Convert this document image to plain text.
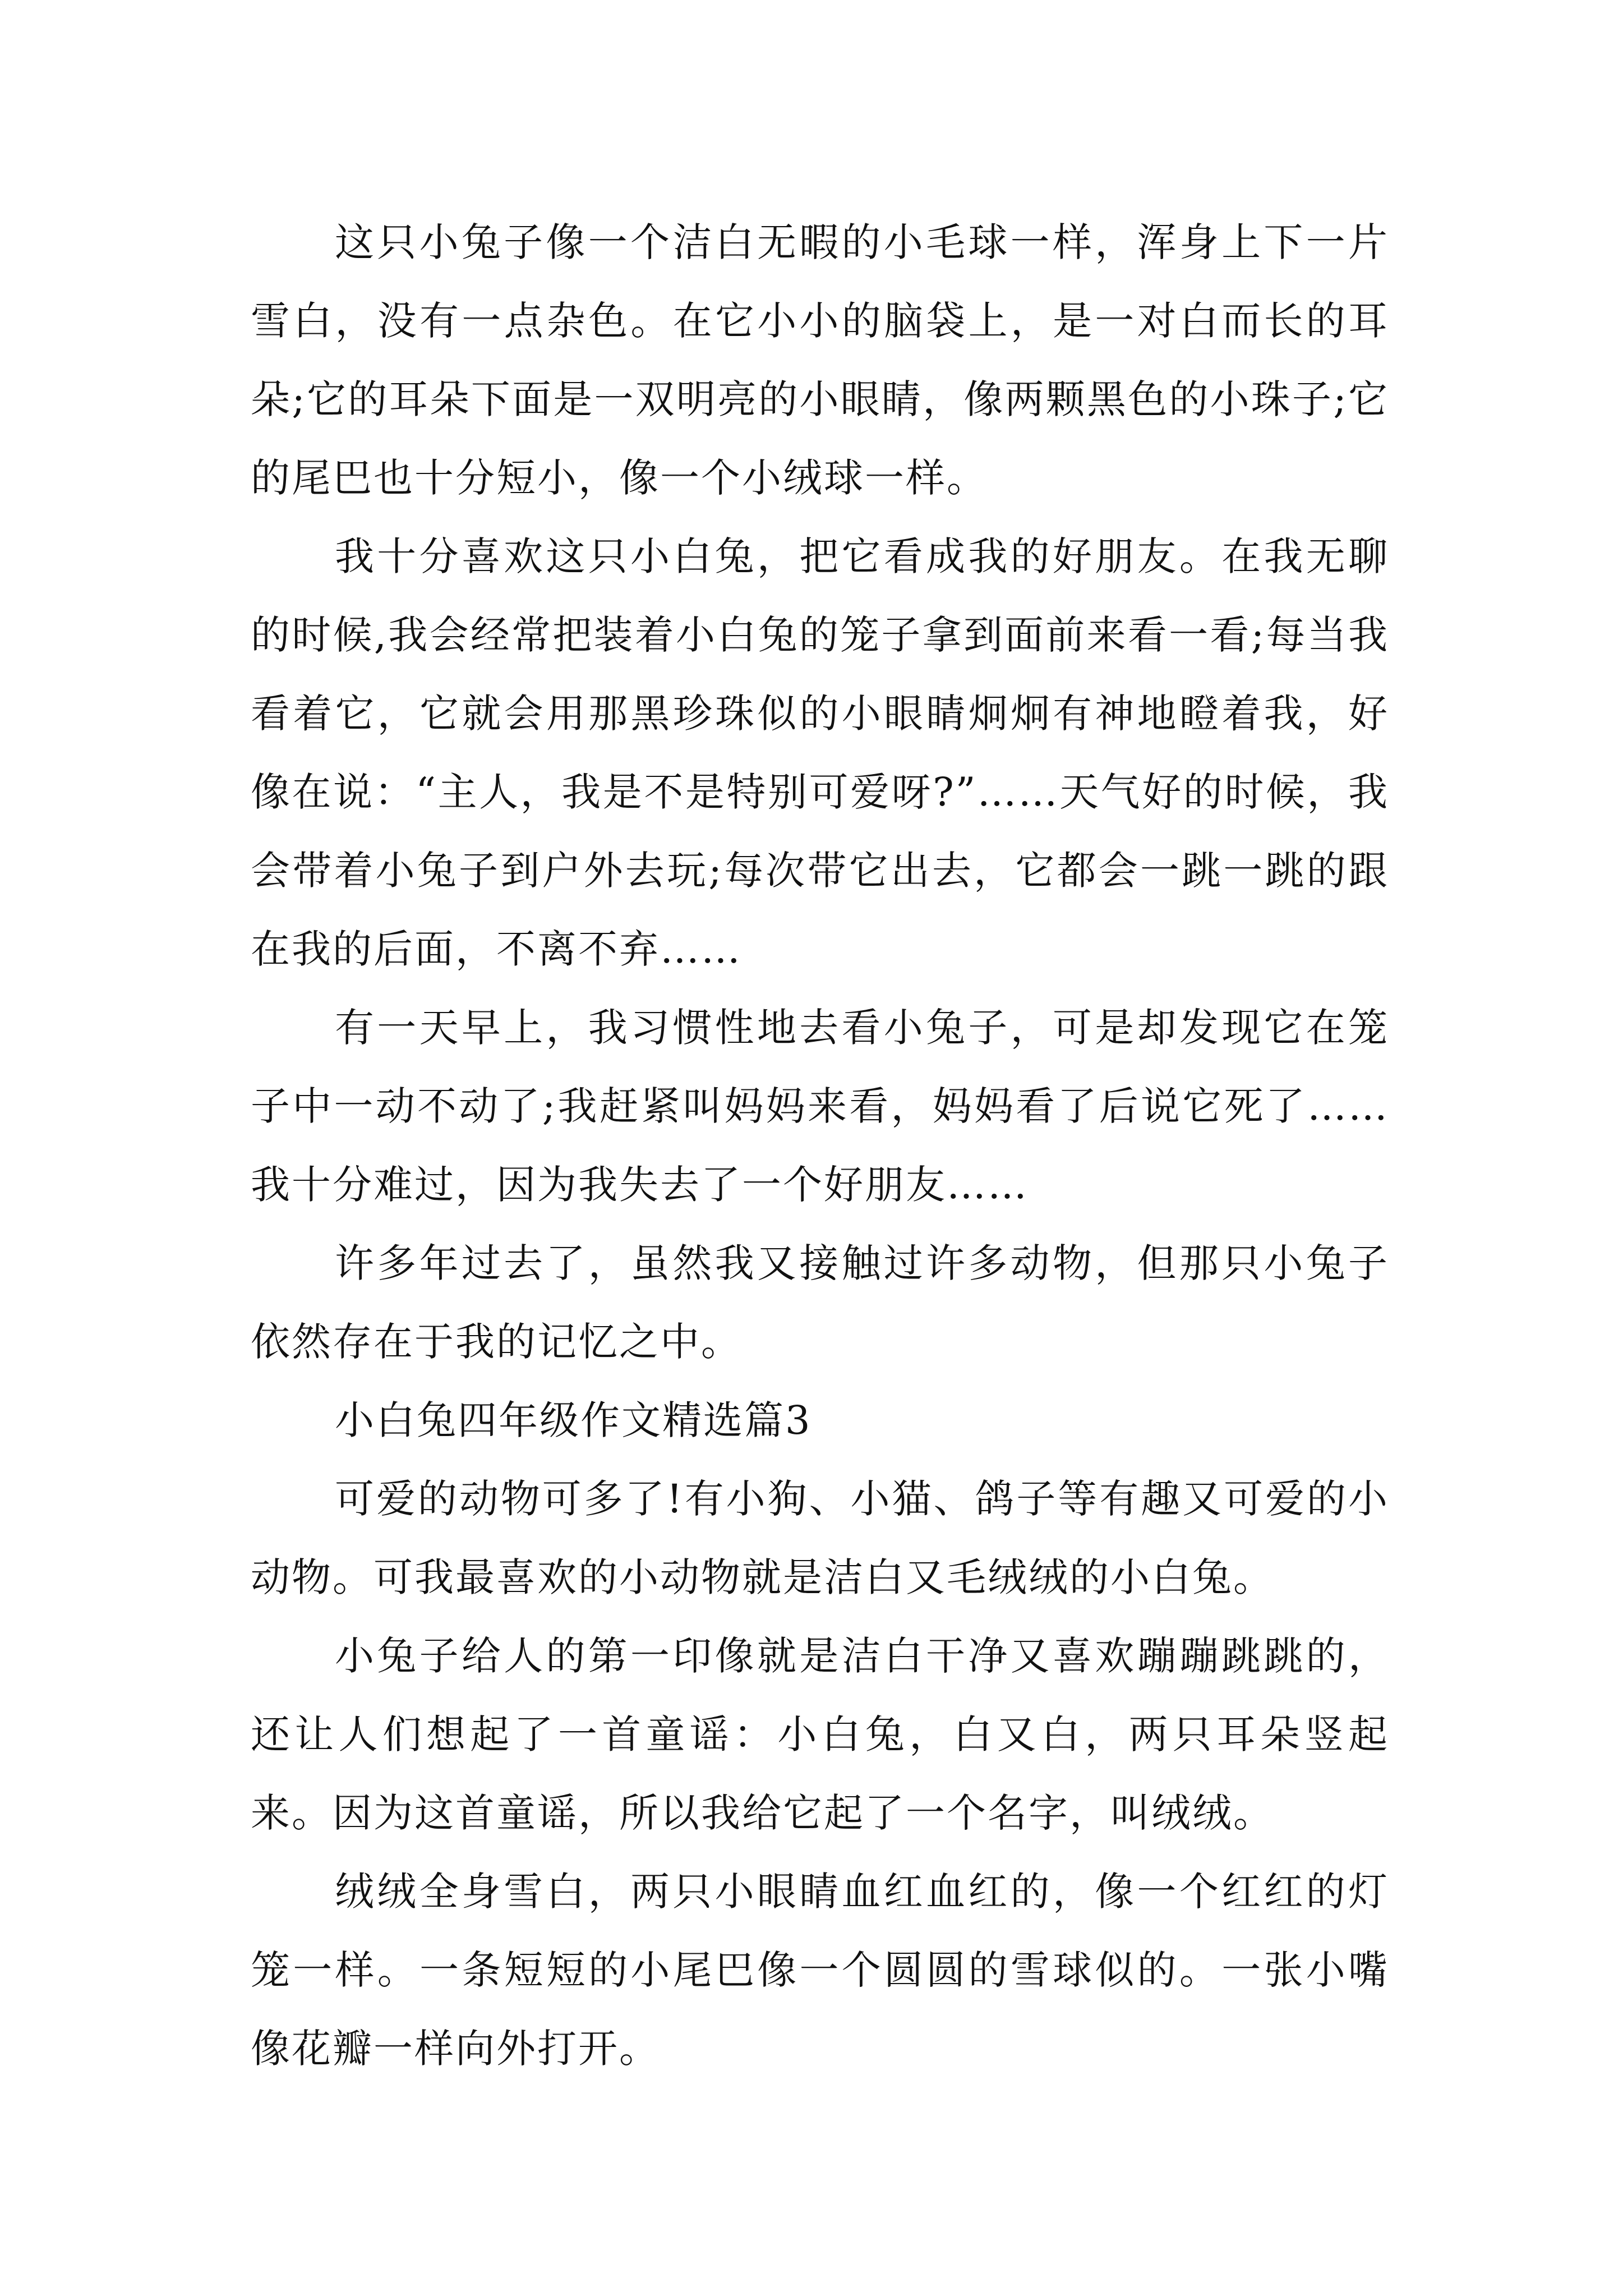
这只小兔子像一个洁白无暇的小毛球一样，浑身上下一片雪白，没有一点杂色。在它小小的脑袋上，是一对白而长的耳朵;它的耳朵下面是一双明亮的小眼睛，像两颗黑色的小珠子;它的尾巴也十分短小，像一个小绒球一样。

我十分喜欢这只小白兔，把它看成我的好朋友。在我无聊的时候,我会经常把装着小白兔的笼子拿到面前来看一看;每当我看着它，它就会用那黑珍珠似的小眼睛炯炯有神地瞪着我，好像在说：“主人，我是不是特别可爱呀?”……天气好的时候，我会带着小兔子到户外去玩;每次带它出去，它都会一跳一跳的跟在我的后面，不离不弃……

有一天早上，我习惯性地去看小兔子，可是却发现它在笼子中一动不动了;我赶紧叫妈妈来看，妈妈看了后说它死了……我十分难过，因为我失去了一个好朋友……

许多年过去了，虽然我又接触过许多动物，但那只小兔子依然存在于我的记忆之中。

小白兔四年级作文精选篇3

可爱的动物可多了!有小狗、小猫、鸽子等有趣又可爱的小动物。可我最喜欢的小动物就是洁白又毛绒绒的小白兔。

小兔子给人的第一印像就是洁白干净又喜欢蹦蹦跳跳的，还让人们想起了一首童谣：小白兔，白又白，两只耳朵竖起来。因为这首童谣，所以我给它起了一个名字，叫绒绒。

绒绒全身雪白，两只小眼睛血红血红的，像一个红红的灯笼一样。一条短短的小尾巴像一个圆圆的雪球似的。一张小嘴像花瓣一样向外打开。
